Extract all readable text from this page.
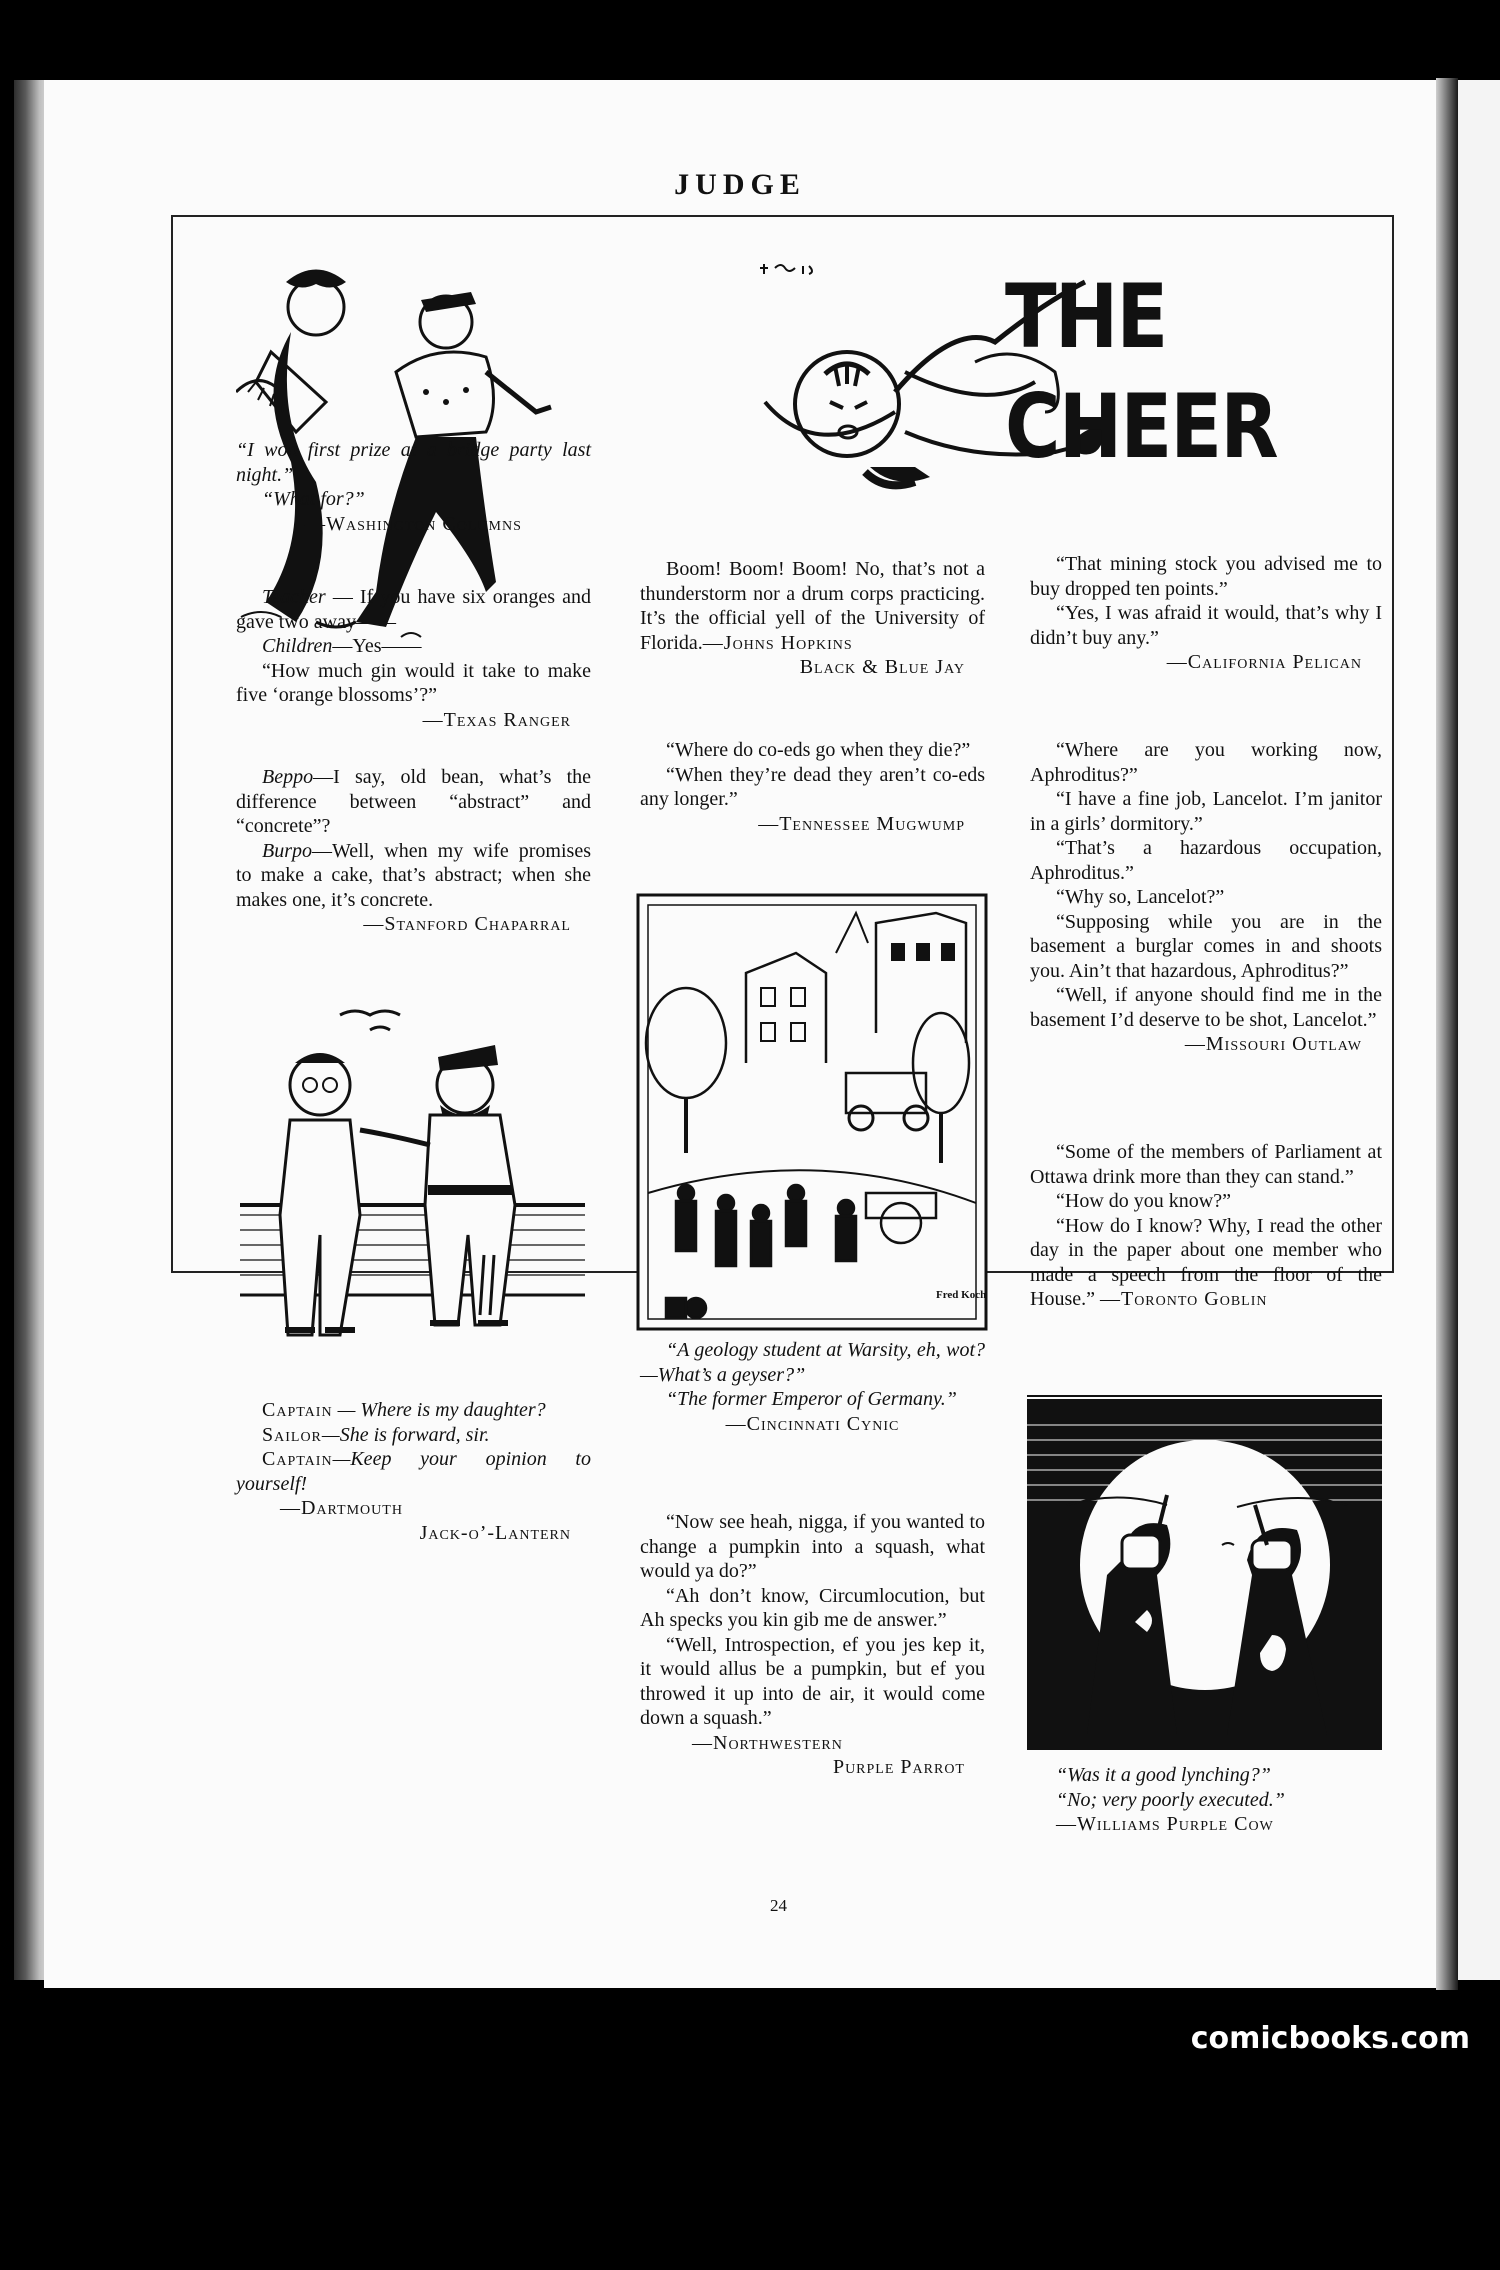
JUDGE
THE CHEER

“I won first prize at a bridge party last night.”

“What for?”

—Washington Columns

Teacher — If you have six oranges and gave two away——

Children—Yes——

“How much gin would it take to make five ‘orange blossoms’?”

—Texas Ranger

Beppo—I say, old bean, what’s the difference between “abstract” and “concrete”?

Burpo—Well, when my wife promises to make a cake, that’s abstract; when she makes one, it’s concrete.

—Stanford Chaparral

Captain — Where is my daughter?

Sailor—She is forward, sir.

Captain—Keep your opinion to yourself!

—Dartmouth

Jack-o’-Lantern

Boom! Boom! Boom! No, that’s not a thunderstorm nor a drum corps practicing. It’s the official yell of the University of Florida.—Johns Hopkins

Black & Blue Jay

“Where do co-eds go when they die?”

“When they’re dead they aren’t co-eds any longer.”

—Tennessee Mugwump

Fred Koch

“A geology student at Warsity, eh, wot?—What’s a geyser?”

“The former Emperor of Germany.”

—Cincinnati Cynic

“Now see heah, nigga, if you wanted to change a pumpkin into a squash, what would ya do?”

“Ah don’t know, Circumlocution, but Ah specks you kin gib me de answer.”

“Well, Introspection, ef you jes kep it, it would allus be a pumpkin, but ef you throwed it up into de air, it would come down a squash.”

—Northwestern

Purple Parrot

“That mining stock you advised me to buy dropped ten points.”

“Yes, I was afraid it would, that’s why I didn’t buy any.”

—California Pelican

“Where are you working now, Aphroditus?”

“I have a fine job, Lancelot. I’m janitor in a girls’ dormitory.”

“That’s a hazardous occupation, Aphroditus.”

“Why so, Lancelot?”

“Supposing while you are in the basement a burglar comes in and shoots you. Ain’t that hazardous, Aphroditus?”

“Well, if anyone should find me in the basement I’d deserve to be shot, Lancelot.”

—Missouri Outlaw

“Some of the members of Parliament at Ottawa drink more than they can stand.”

“How do you know?”

“How do I know? Why, I read the other day in the paper about one member who made a speech from the floor of the House.” —Toronto Goblin

“Was it a good lynching?”

“No; very poorly executed.”

—Williams Purple Cow

24
comicbooks.com
